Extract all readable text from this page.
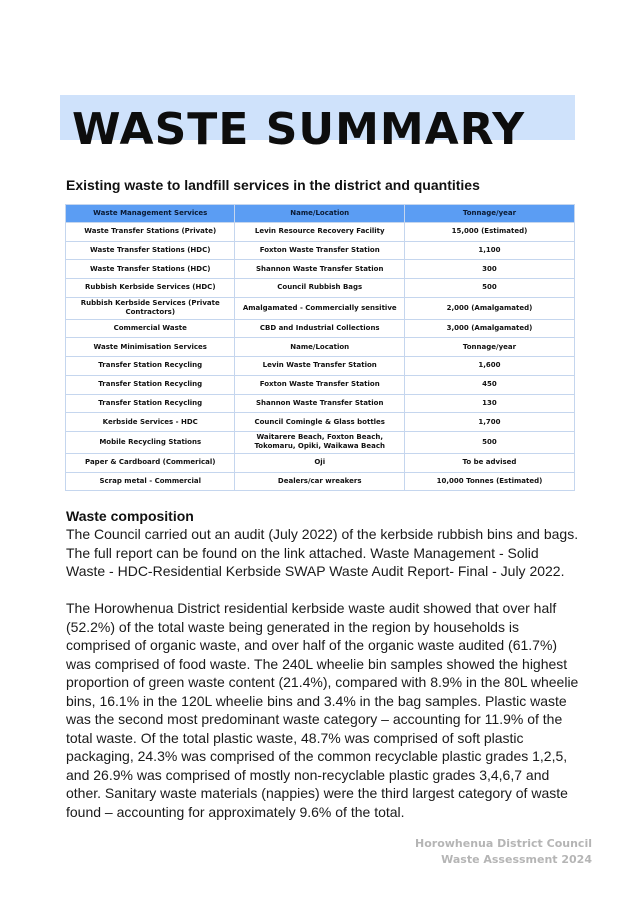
WASTE SUMMARY
Existing waste to landfill services in the district and quantities
Waste Management Services	Name/Location	Tonnage/year
Waste Transfer Stations (Private)	Levin Resource Recovery Facility	15,000 (Estimated)
Waste Transfer Stations (HDC)	Foxton Waste Transfer Station	1,100
Waste Transfer Stations (HDC)	Shannon Waste Transfer Station	300
Rubbish Kerbside Services (HDC)	Council Rubbish Bags	500
Rubbish Kerbside Services (Private Contractors)	Amalgamated - Commercially sensitive	2,000 (Amalgamated)
Commercial Waste	CBD and Industrial Collections	3,000 (Amalgamated)
Waste Minimisation Services	Name/Location	Tonnage/year
Transfer Station Recycling	Levin Waste Transfer Station	1,600
Transfer Station Recycling	Foxton Waste Transfer Station	450
Transfer Station Recycling	Shannon Waste Transfer Station	130
Kerbside Services - HDC	Council Comingle & Glass bottles	1,700
Mobile Recycling Stations	Waitarere Beach, Foxton Beach, Tokomaru, Opiki, Waikawa Beach	500
Paper & Cardboard (Commerical)	Oji	To be advised
Scrap metal - Commercial	Dealers/car wreakers	10,000 Tonnes (Estimated)
Waste composition

The Council carried out an audit (July 2022) of the kerbside rubbish bins and bags. The full report can be found on the link attached. Waste Management - Solid Waste - HDC-Residential Kerbside SWAP Waste Audit Report- Final - July 2022.

The Horowhenua District residential kerbside waste audit showed that over half (52.2%) of the total waste being generated in the region by households is comprised of organic waste, and over half of the organic waste audited (61.7%) was comprised of food waste. The 240L wheelie bin samples showed the highest proportion of green waste content (21.4%), compared with 8.9% in the 80L wheelie bins, 16.1% in the 120L wheelie bins and 3.4% in the bag samples. Plastic waste was the second most predominant waste category – accounting for 11.9% of the total waste. Of the total plastic waste, 48.7% was comprised of soft plastic packaging, 24.3% was comprised of the common recyclable plastic grades 1,2,5, and 26.9% was comprised of mostly non-recyclable plastic grades 3,4,6,7 and other. Sanitary waste materials (nappies) were the third largest category of waste found – accounting for approximately 9.6% of the total.

Horowhenua District Council
Waste Assessment 2024
